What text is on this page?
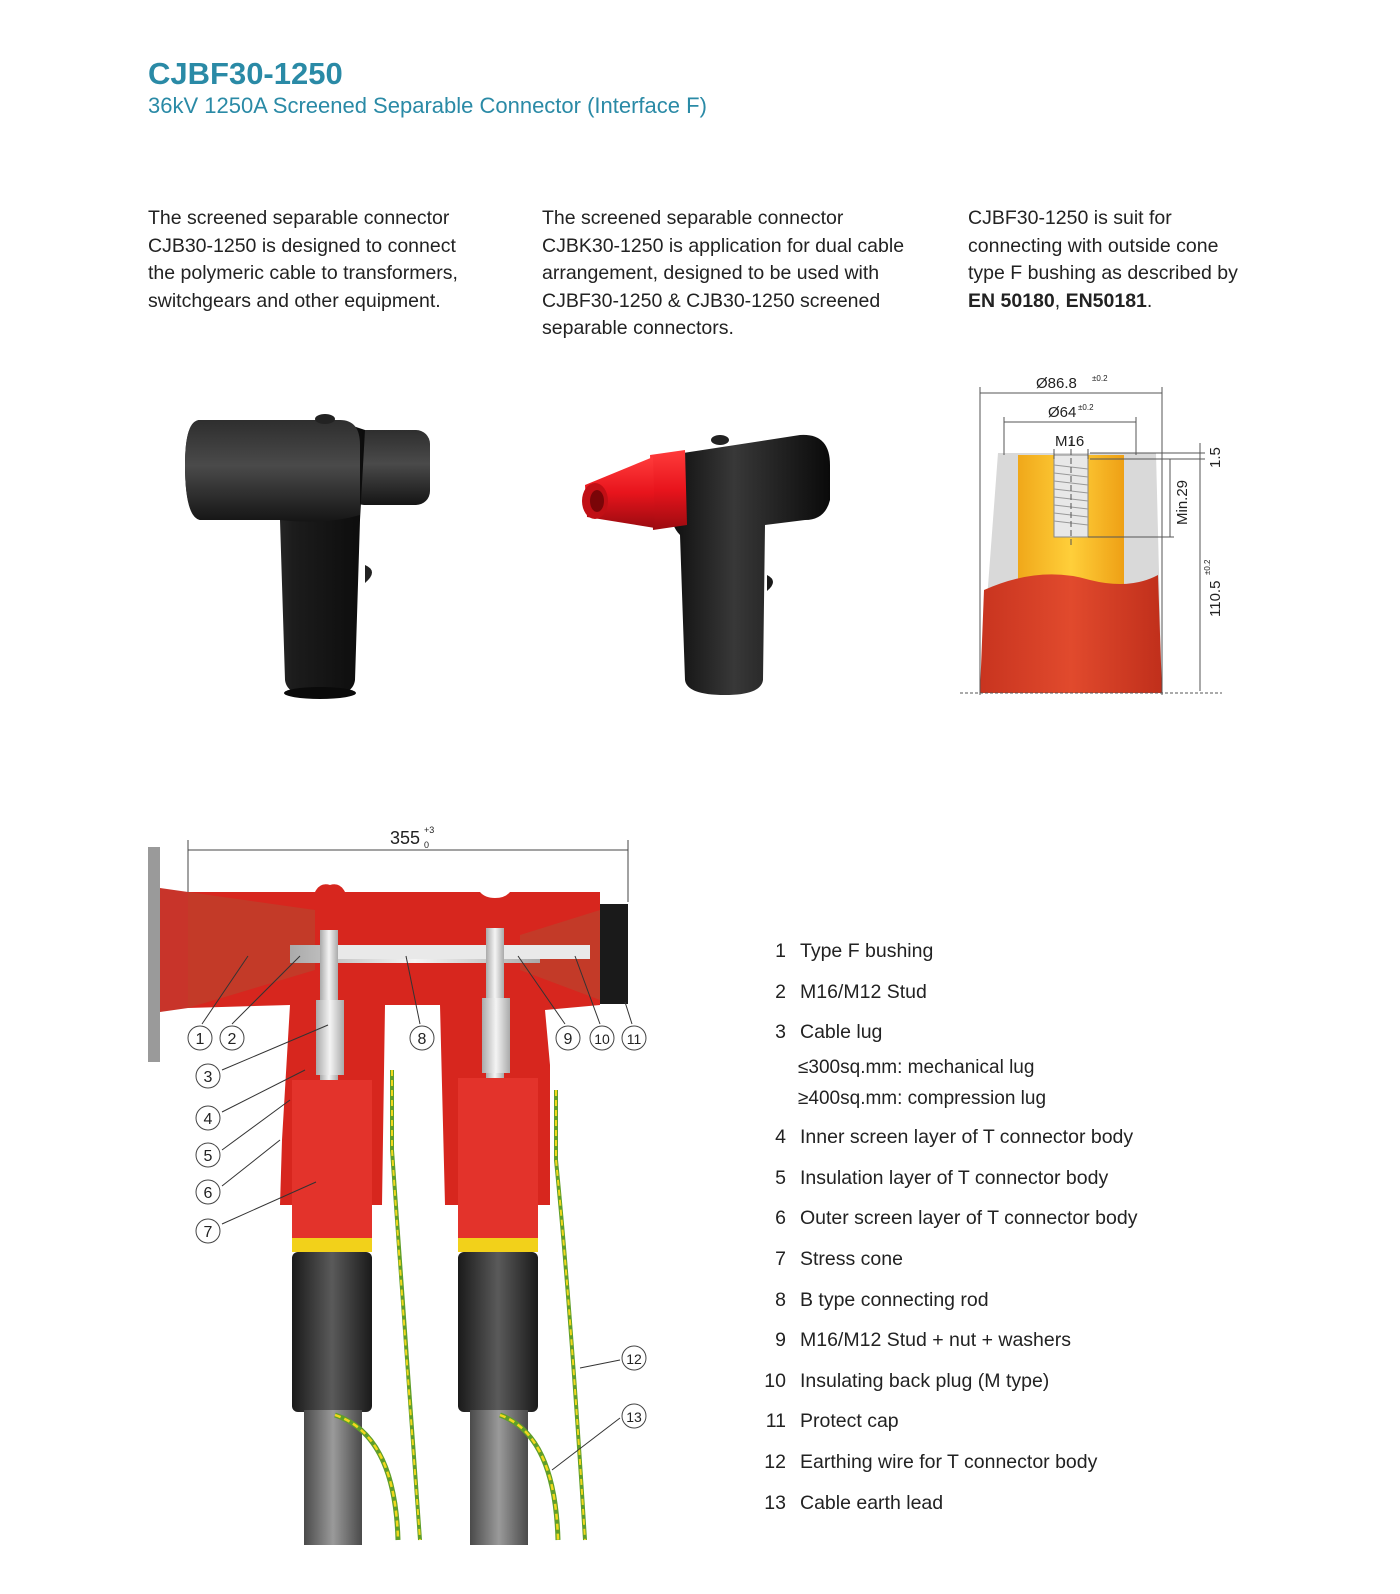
CJBF30-1250

36kV 1250A Screened Separable Connector (Interface F)

The screened separable connector CJB30-1250 is designed to connect the polymeric cable to transformers, switchgears and other equipment.

The screened separable connector CJBK30-1250 is application for dual cable arrangement, designed to be used with CJBF30-1250 & CJB30-1250 screened separable connectors.

CJBF30-1250 is suit for connecting with outside cone type F bushing as described by EN 50180, EN50181.

Ø86.8 ±0.2
Ø64 ±0.2
M16
1.5
Min.29
110.5
±0.2
355 +3
0
1 2
3
4
5
6
7
8	9 10 11
12
13
1 Type F bushing
2 M16/M12 Stud
3 Cable lug
≤300sq.mm: mechanical lug
≥400sq.mm: compression lug
4 Inner screen layer of T connector body
5 Insulation layer of T connector body
6 Outer screen layer of T connector body
7 Stress cone
8 B type connecting rod
9 M16/M12 Stud + nut + washers
10 Insulating back plug (M type)
11 Protect cap
12 Earthing wire for T connector body
13 Cable earth lead
